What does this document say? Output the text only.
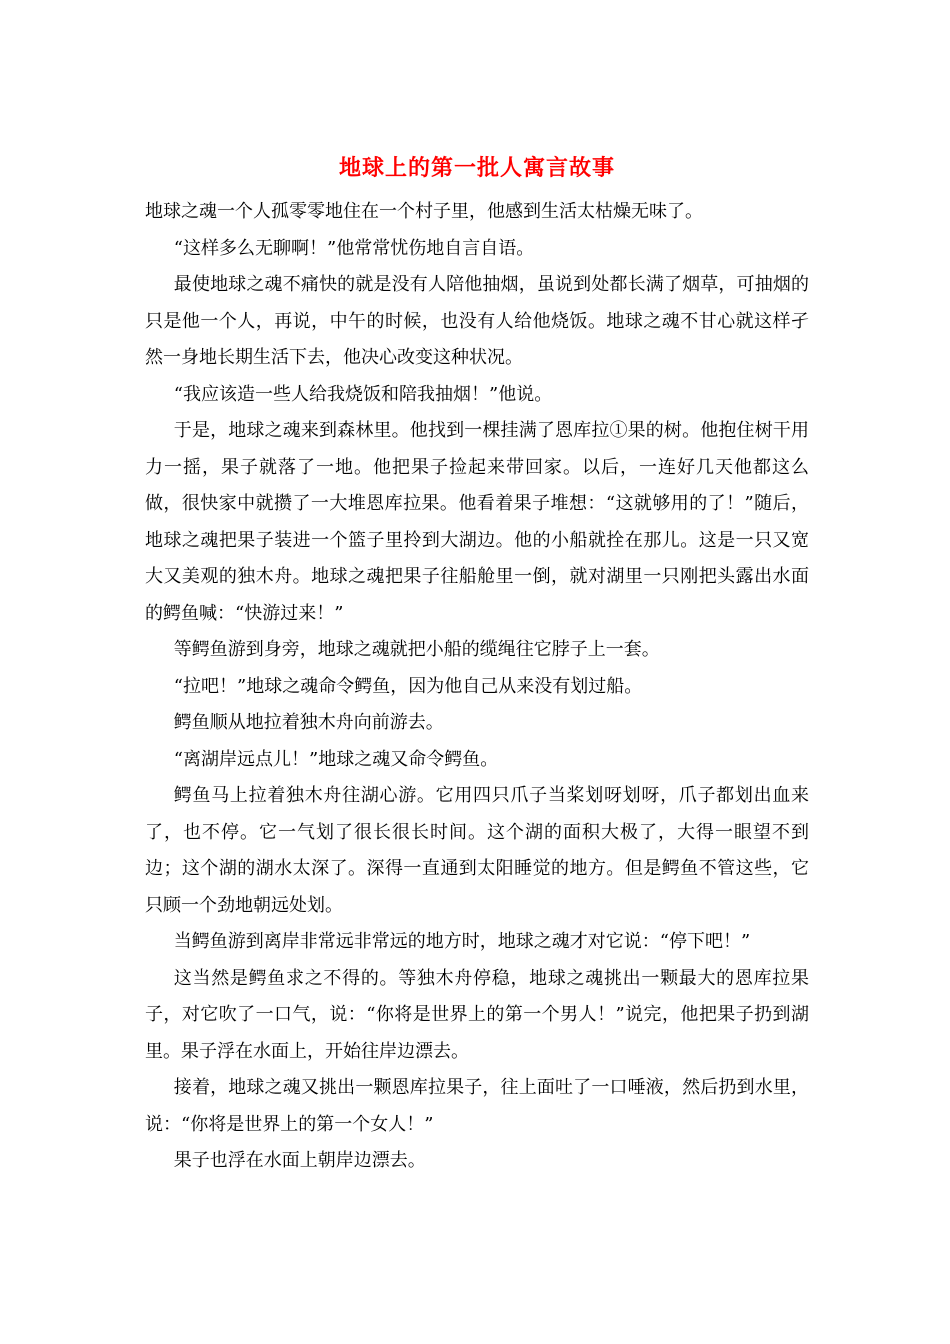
地球上的第一批人寓言故事

地球之魂一个人孤零零地住在一个村子里，他感到生活太枯燥无味了。

“这样多么无聊啊！”他常常忧伤地自言自语。

最使地球之魂不痛快的就是没有人陪他抽烟，虽说到处都长满了烟草，可抽烟的只是他一个人，再说，中午的时候，也没有人给他烧饭。地球之魂不甘心就这样孑然一身地长期生活下去，他决心改变这种状况。

“我应该造一些人给我烧饭和陪我抽烟！”他说。

于是，地球之魂来到森林里。他找到一棵挂满了恩库拉①果的树。他抱住树干用力一摇，果子就落了一地。他把果子捡起来带回家。以后，一连好几天他都这么做，很快家中就攒了一大堆恩库拉果。他看着果子堆想：“这就够用的了！”随后，地球之魂把果子装进一个篮子里拎到大湖边。他的小船就拴在那儿。这是一只又宽大又美观的独木舟。地球之魂把果子往船舱里一倒，就对湖里一只刚把头露出水面的鳄鱼喊：“快游过来！”

等鳄鱼游到身旁，地球之魂就把小船的缆绳往它脖子上一套。

“拉吧！”地球之魂命令鳄鱼，因为他自己从来没有划过船。

鳄鱼顺从地拉着独木舟向前游去。

“离湖岸远点儿！”地球之魂又命令鳄鱼。

鳄鱼马上拉着独木舟往湖心游。它用四只爪子当桨划呀划呀，爪子都划出血来了，也不停。它一气划了很长很长时间。这个湖的面积大极了，大得一眼望不到边；这个湖的湖水太深了。深得一直通到太阳睡觉的地方。但是鳄鱼不管这些，它只顾一个劲地朝远处划。

当鳄鱼游到离岸非常远非常远的地方时，地球之魂才对它说：“停下吧！”

这当然是鳄鱼求之不得的。等独木舟停稳，地球之魂挑出一颗最大的恩库拉果子，对它吹了一口气，说：“你将是世界上的第一个男人！”说完，他把果子扔到湖里。果子浮在水面上，开始往岸边漂去。

接着，地球之魂又挑出一颗恩库拉果子，往上面吐了一口唾液，然后扔到水里，说：“你将是世界上的第一个女人！”

果子也浮在水面上朝岸边漂去。
